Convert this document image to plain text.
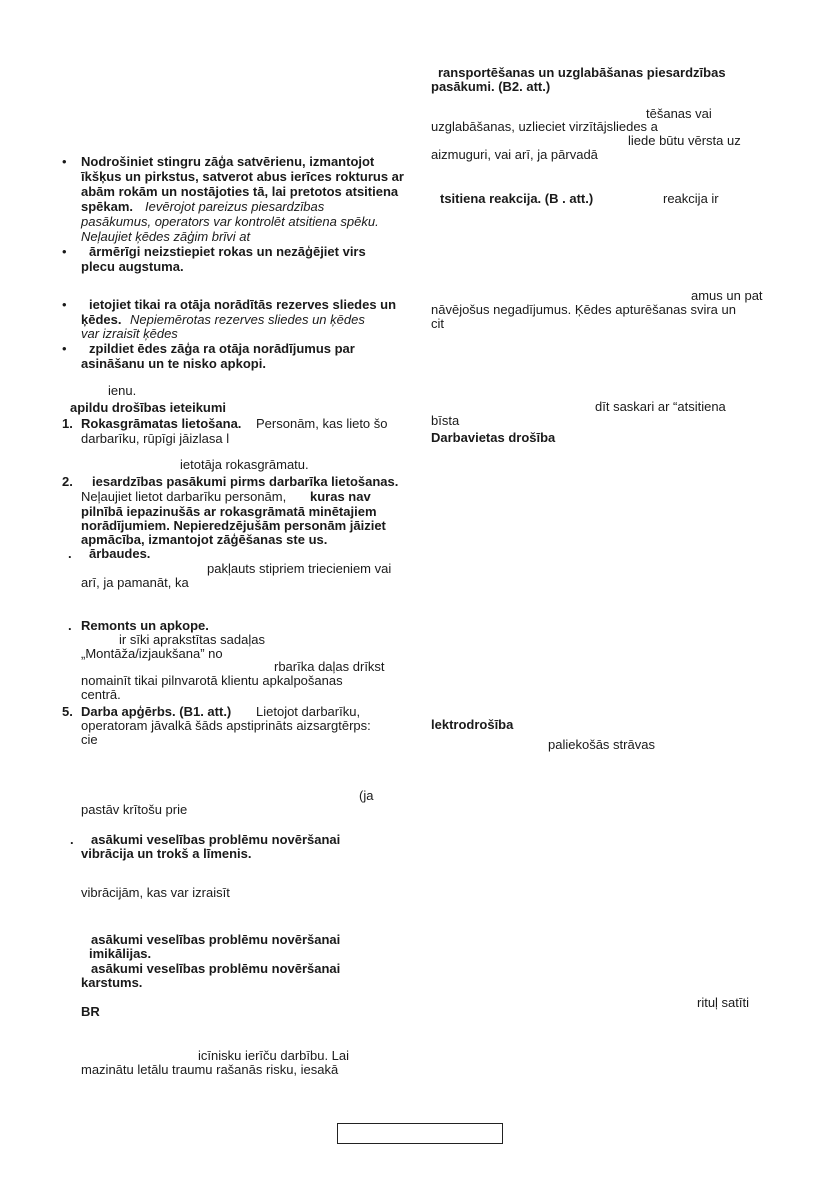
• Nodrošiniet stingru zāģa satvērienu, izmantojot
īkšķus un pirkstus, satverot abus ierīces rokturus ar
abām rokām un nostājoties tā, lai pretotos atsitiena
spēkam. Ievērojot pareizus piesardzības
pasākumus, operators var kontrolēt atsitiena spēku.
Neļaujiet ķēdes zāģim brīvi at
• ārmērīgi neizstiepiet rokas un nezāģējiet virs
plecu augstuma.
• ietojiet tikai ra otāja norādītās rezerves sliedes un
ķēdes. Nepiemērotas rezerves sliedes un ķēdes
var izraisīt ķēdes
• zpildiet ēdes zāģa ra otāja norādījumus par
asināšanu un te nisko apkopi.
ienu.
apildu drošības ieteikumi
1. Rokasgrāmatas lietošana. Personām, kas lieto šo
darbarīku, rūpīgi jāizlasa l
ietotāja rokasgrāmatu.
2. iesardzības pasākumi pirms darbarīka lietošanas.
Neļaujiet lietot darbarīku personām, kuras nav
pilnībā iepazinušās ar rokasgrāmatā minētajiem
norādījumiem. Nepieredzējušām personām jāiziet
apmācība, izmantojot zāģēšanas ste us.
. ārbaudes.
pakļauts stipriem triecieniem vai
arī, ja pamanāt, ka
. Remonts un apkope.
ir sīki aprakstītas sadaļas
„Montāža/izjaukšana” no
rbarīka daļas drīkst
nomainīt tikai pilnvarotā klientu apkalpošanas
centrā.
5. Darba apģērbs. (B1. att.) Lietojot darbarīku,
operatoram jāvalkā šāds apstiprināts aizsargtērps:
cie
(ja
pastāv krītošu prie
. asākumi veselības problēmu novēršanai
vibrācija un trokš a līmenis.
vibrācijām, kas var izraisīt
asākumi veselības problēmu novēršanai
imikālijas.
asākumi veselības problēmu novēršanai
karstums.
BR
icīnisku ierīču darbību. Lai
mazinātu letālu traumu rašanās risku, iesakā
ransportēšanas un uzglabāšanas piesardzības
pasākumi. (B2. att.)
tēšanas vai
uzglabāšanas, uzlieciet virzītājsliedes a
liede būtu vērsta uz
aizmuguri, vai arī, ja pārvadā
tsitiena reakcija. (B . att.)	reakcija ir
amus un pat
nāvējošus negadījumus. Ķēdes apturēšanas svira un
cit
dīt saskari ar “atsitiena
bīsta
Darbavietas drošība
lektrodrošība
paliekošās strāvas
rituļ satīti
